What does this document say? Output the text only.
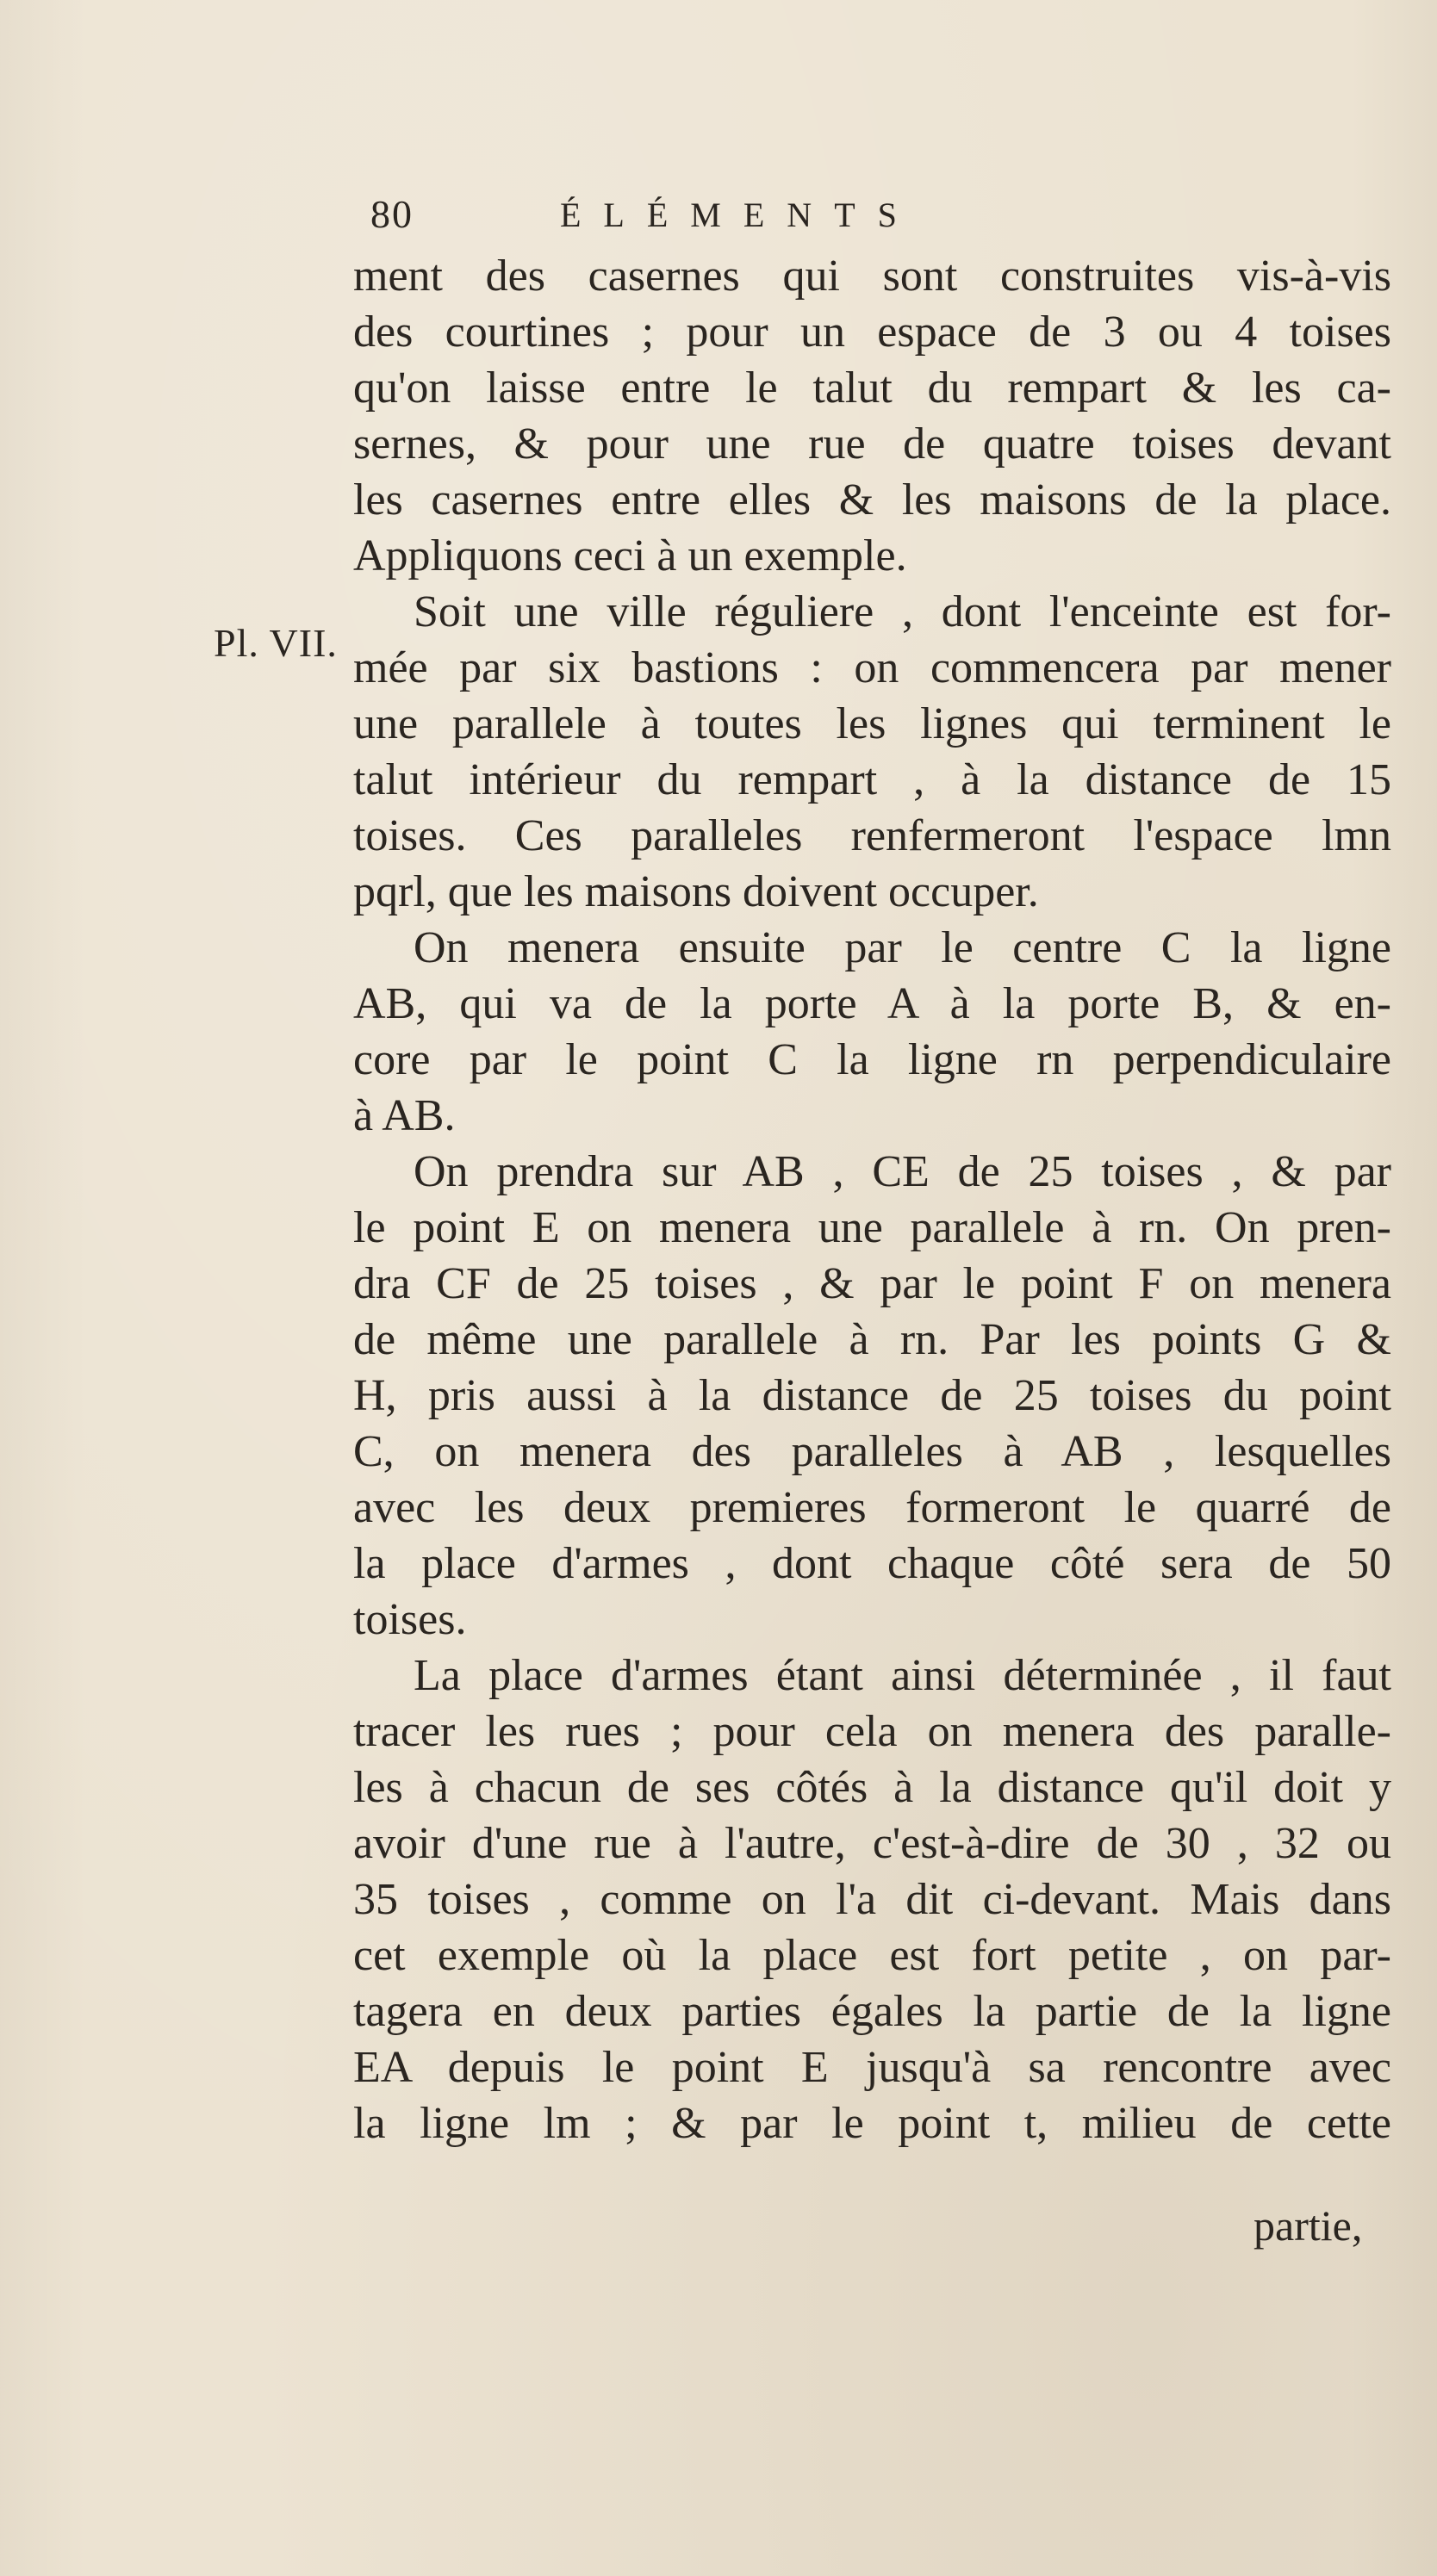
80	ÉLÉMENTS
Pl. VII.
ment des casernes qui sont construites vis-à-vis
des courtines ; pour un espace de 3 ou 4 toises
qu'on laisse entre le talut du rempart & les ca-
sernes, & pour une rue de quatre toises devant
les casernes entre elles & les maisons de la place.
Appliquons ceci à un exemple.
Soit une ville réguliere , dont l'enceinte est for-
mée par six bastions : on commencera par mener
une parallele à toutes les lignes qui terminent le
talut intérieur du rempart , à la distance de 15
toises. Ces paralleles renfermeront l'espace lmn
pqrl, que les maisons doivent occuper.
On menera ensuite par le centre C la ligne
AB, qui va de la porte A à la porte B, & en-
core par le point C la ligne rn perpendiculaire
à AB.
On prendra sur AB , CE de 25 toises , & par
le point E on menera une parallele à rn. On pren-
dra CF de 25 toises , & par le point F on menera
de même une parallele à rn. Par les points G &
H, pris aussi à la distance de 25 toises du point
C, on menera des paralleles à AB , lesquelles
avec les deux premieres formeront le quarré de
la place d'armes , dont chaque côté sera de 50
toises.
La place d'armes étant ainsi déterminée , il faut
tracer les rues ; pour cela on menera des paralle-
les à chacun de ses côtés à la distance qu'il doit y
avoir d'une rue à l'autre, c'est-à-dire de 30 , 32 ou
35 toises , comme on l'a dit ci-devant. Mais dans
cet exemple où la place est fort petite , on par-
tagera en deux parties égales la partie de la ligne
EA depuis le point E jusqu'à sa rencontre avec
la ligne lm ; & par le point t, milieu de cette
partie,
